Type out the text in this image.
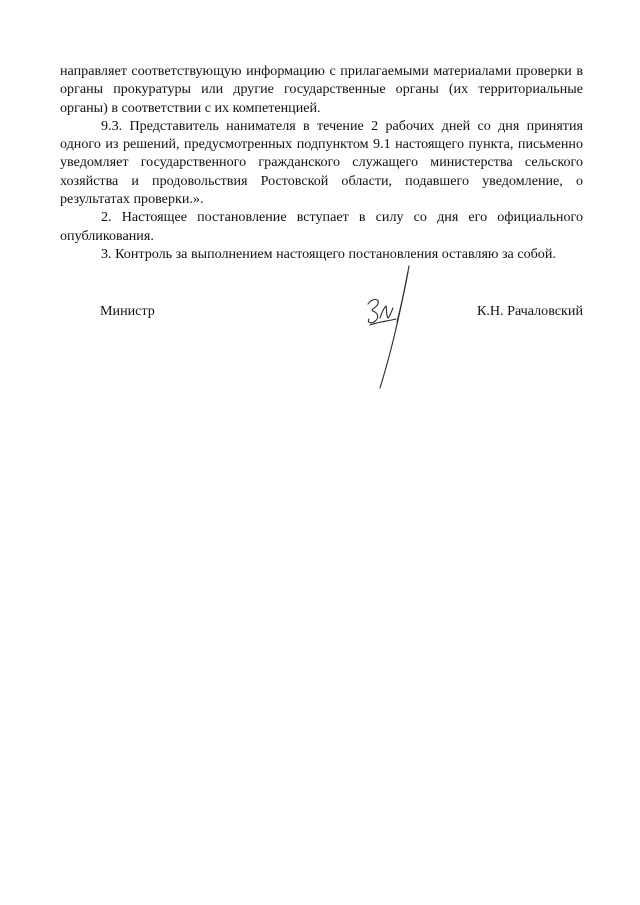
направляет соответствующую информацию с прилагаемыми материалами проверки в органы прокуратуры или другие государственные органы (их территориальные органы) в соответствии с их компетенцией.

9.3. Представитель нанимателя в течение 2 рабочих дней со дня принятия одного из решений, предусмотренных подпунктом 9.1 настоящего пункта, письменно уведомляет государственного гражданского служащего министерства сельского хозяйства и продовольствия Ростовской области, подавшего уведомление, о результатах проверки.».

2. Настоящее постановление вступает в силу со дня его официального опубликования.

3. Контроль за выполнением настоящего постановления оставляю за собой.

Министр	К.Н. Рачаловский
